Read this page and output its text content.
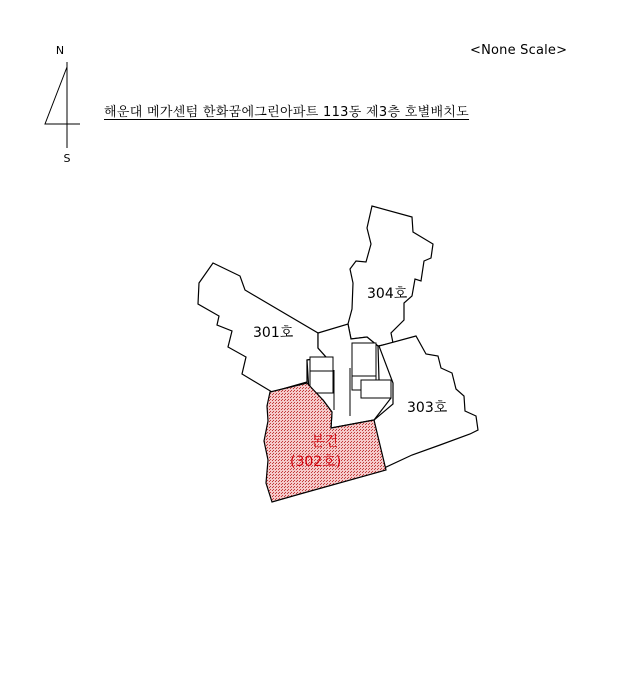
<None Scale>
해운대 메가센텀 한화꿈에그린아파트 113동 제3층 호별배치도
N
S
301호
304호
303호
본건
(302호)
